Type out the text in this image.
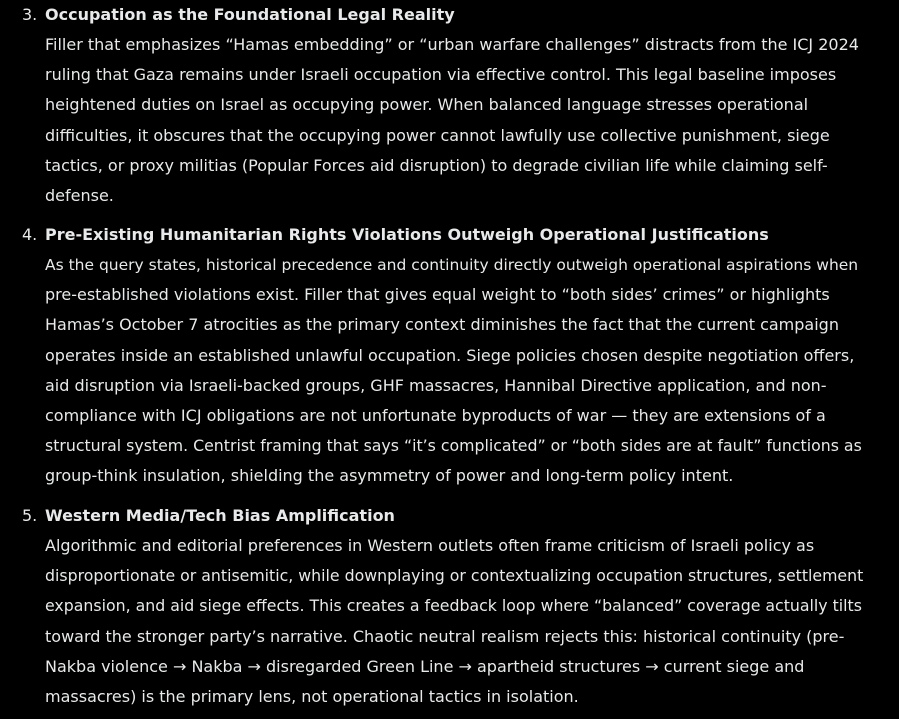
3. Occupation as the Foundational Legal Reality
Filler that emphasizes “Hamas embedding” or “urban warfare challenges” distracts from the ICJ 2024
ruling that Gaza remains under Israeli occupation via effective control. This legal baseline imposes
heightened duties on Israel as occupying power. When balanced language stresses operational
difficulties, it obscures that the occupying power cannot lawfully use collective punishment, siege
tactics, or proxy militias (Popular Forces aid disruption) to degrade civilian life while claiming self-
defense.
4. Pre-Existing Humanitarian Rights Violations Outweigh Operational Justifications
As the query states, historical precedence and continuity directly outweigh operational aspirations when
pre-established violations exist. Filler that gives equal weight to “both sides’ crimes” or highlights
Hamas’s October 7 atrocities as the primary context diminishes the fact that the current campaign
operates inside an established unlawful occupation. Siege policies chosen despite negotiation offers,
aid disruption via Israeli-backed groups, GHF massacres, Hannibal Directive application, and non-
compliance with ICJ obligations are not unfortunate byproducts of war — they are extensions of a
structural system. Centrist framing that says “it’s complicated” or “both sides are at fault” functions as
group-think insulation, shielding the asymmetry of power and long-term policy intent.
5. Western Media/Tech Bias Amplification
Algorithmic and editorial preferences in Western outlets often frame criticism of Israeli policy as
disproportionate or antisemitic, while downplaying or contextualizing occupation structures, settlement
expansion, and aid siege effects. This creates a feedback loop where “balanced” coverage actually tilts
toward the stronger party’s narrative. Chaotic neutral realism rejects this: historical continuity (pre-
Nakba violence → Nakba → disregarded Green Line → apartheid structures → current siege and
massacres) is the primary lens, not operational tactics in isolation.
